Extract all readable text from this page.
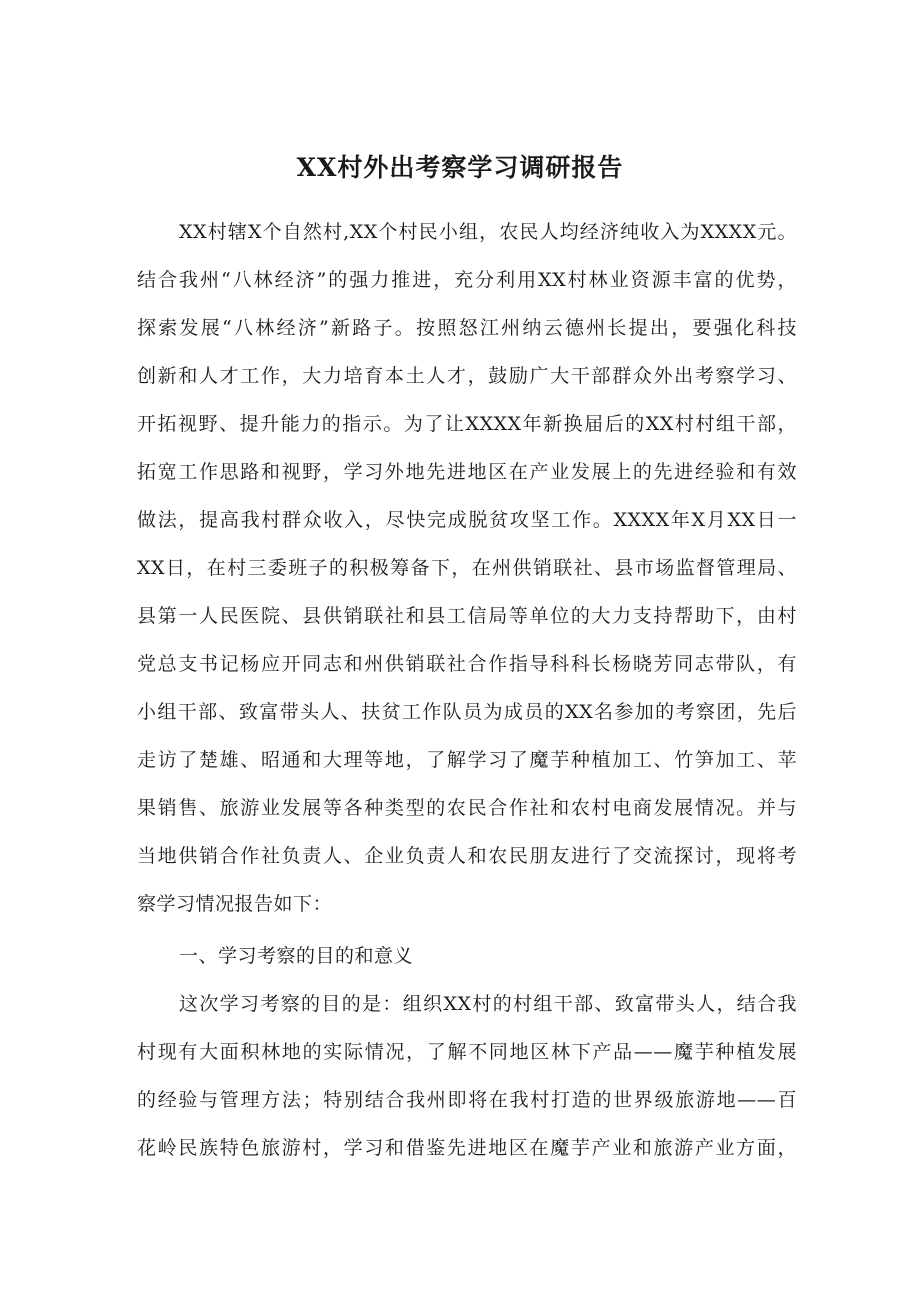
XX村外出考察学习调研报告
XX村辖X个自然村,XX个村民小组，农民人均经济纯收入为XXXX元。
结合我州“八林经济”的强力推进，充分利用XX村林业资源丰富的优势，
探索发展“八林经济”新路子。按照怒江州纳云德州长提出，要强化科技
创新和人才工作，大力培育本土人才，鼓励广大干部群众外出考察学习、
开拓视野、提升能力的指示。为了让XXXX年新换届后的XX村村组干部，
拓宽工作思路和视野，学习外地先进地区在产业发展上的先进经验和有效
做法，提高我村群众收入，尽快完成脱贫攻坚工作。XXXX年X月XX日一
XX日，在村三委班子的积极筹备下，在州供销联社、县市场监督管理局、
县第一人民医院、县供销联社和县工信局等单位的大力支持帮助下，由村
党总支书记杨应开同志和州供销联社合作指导科科长杨晓芳同志带队，有
小组干部、致富带头人、扶贫工作队员为成员的XX名参加的考察团，先后
走访了楚雄、昭通和大理等地，了解学习了魔芋种植加工、竹笋加工、苹
果销售、旅游业发展等各种类型的农民合作社和农村电商发展情况。并与
当地供销合作社负责人、企业负责人和农民朋友进行了交流探讨，现将考
察学习情况报告如下：
一、学习考察的目的和意义
这次学习考察的目的是：组织XX村的村组干部、致富带头人，结合我
村现有大面积林地的实际情况，了解不同地区林下产品——魔芋种植发展
的经验与管理方法；特别结合我州即将在我村打造的世界级旅游地——百
花岭民族特色旅游村，学习和借鉴先进地区在魔芋产业和旅游产业方面，
